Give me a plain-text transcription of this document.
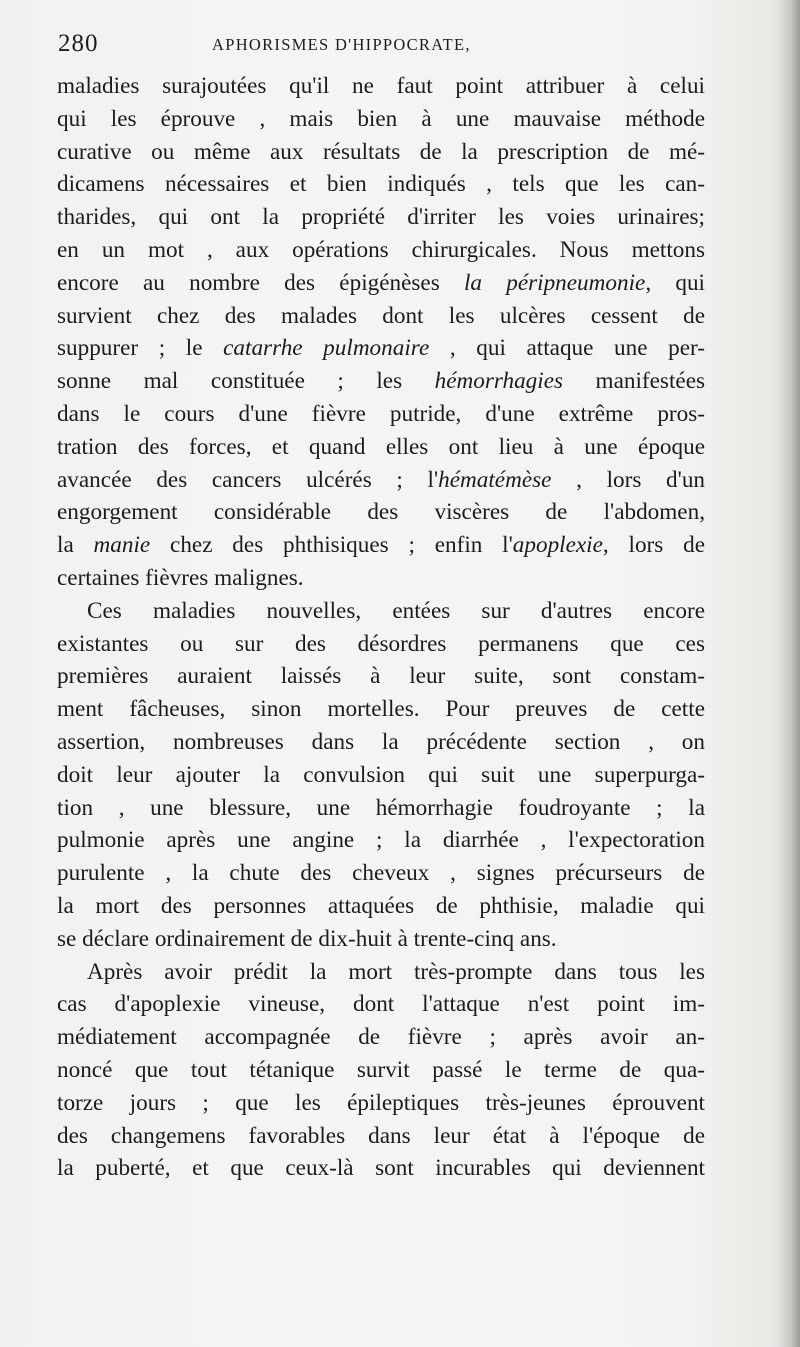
280	APHORISMES D'HIPPOCRATE,
maladies surajoutées qu'il ne faut point attribuer à celui
qui les éprouve , mais bien à une mauvaise méthode
curative ou même aux résultats de la prescription de mé-
dicamens nécessaires et bien indiqués , tels que les can-
tharides, qui ont la propriété d'irriter les voies urinaires;
en un mot , aux opérations chirurgicales. Nous mettons
encore au nombre des épigénèses la péripneumonie, qui
survient chez des malades dont les ulcères cessent de
suppurer ; le catarrhe pulmonaire , qui attaque une per-
sonne mal constituée ; les hémorrhagies manifestées
dans le cours d'une fièvre putride, d'une extrême pros-
tration des forces, et quand elles ont lieu à une époque
avancée des cancers ulcérés ; l'hématémèse , lors d'un
engorgement considérable des viscères de l'abdomen,
la manie chez des phthisiques ; enfin l'apoplexie, lors de
certaines fièvres malignes.
Ces maladies nouvelles, entées sur d'autres encore
existantes ou sur des désordres permanens que ces
premières auraient laissés à leur suite, sont constam-
ment fâcheuses, sinon mortelles. Pour preuves de cette
assertion, nombreuses dans la précédente section , on
doit leur ajouter la convulsion qui suit une superpurga-
tion , une blessure, une hémorrhagie foudroyante ; la
pulmonie après une angine ; la diarrhée , l'expectoration
purulente , la chute des cheveux , signes précurseurs de
la mort des personnes attaquées de phthisie, maladie qui
se déclare ordinairement de dix-huit à trente-cinq ans.
Après avoir prédit la mort très-prompte dans tous les
cas d'apoplexie vineuse, dont l'attaque n'est point im-
médiatement accompagnée de fièvre ; après avoir an-
noncé que tout tétanique survit passé le terme de qua-
torze jours ; que les épileptiques très-jeunes éprouvent
des changemens favorables dans leur état à l'époque de
la puberté, et que ceux-là sont incurables qui deviennent
